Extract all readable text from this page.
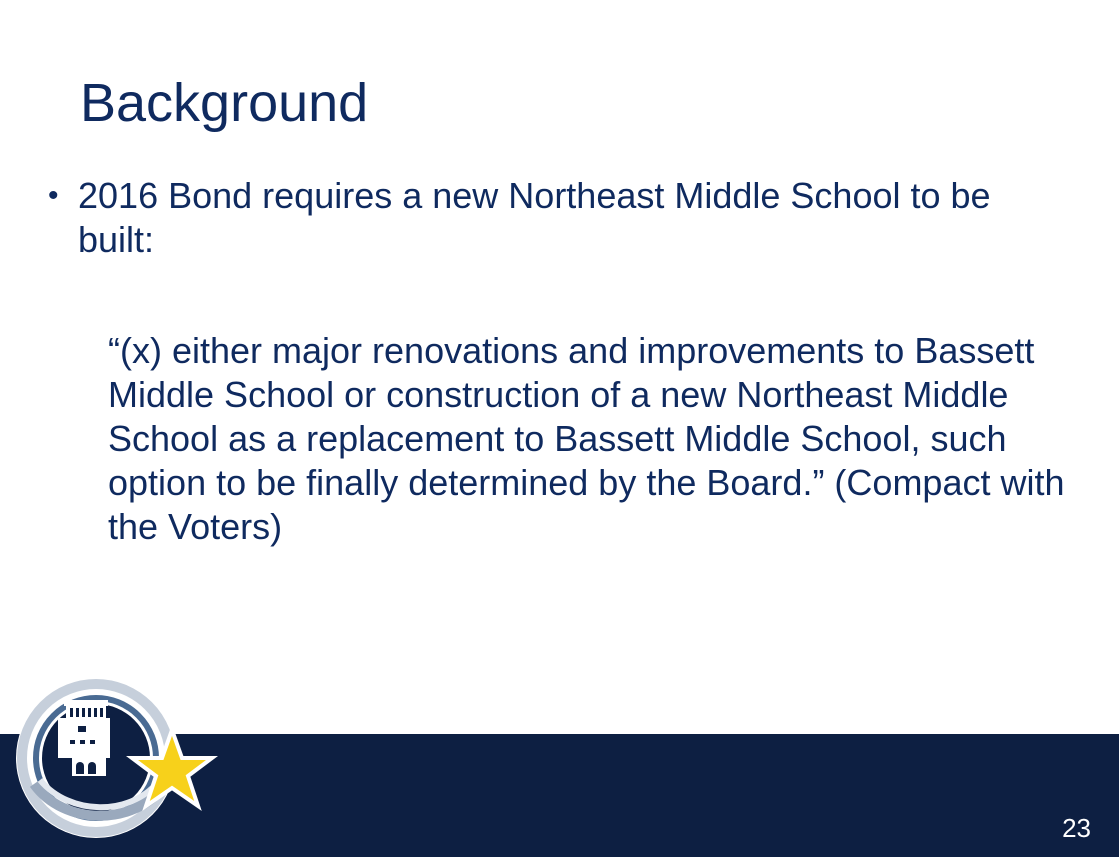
Background
• 2016 Bond requires a new Northeast Middle School to be built:

“(x) either major renovations and improvements to Bassett Middle School or construction of a new Northeast Middle School as a replacement to Bassett Middle School, such option to be finally determined by the Board.” (Compact with the Voters)

23
